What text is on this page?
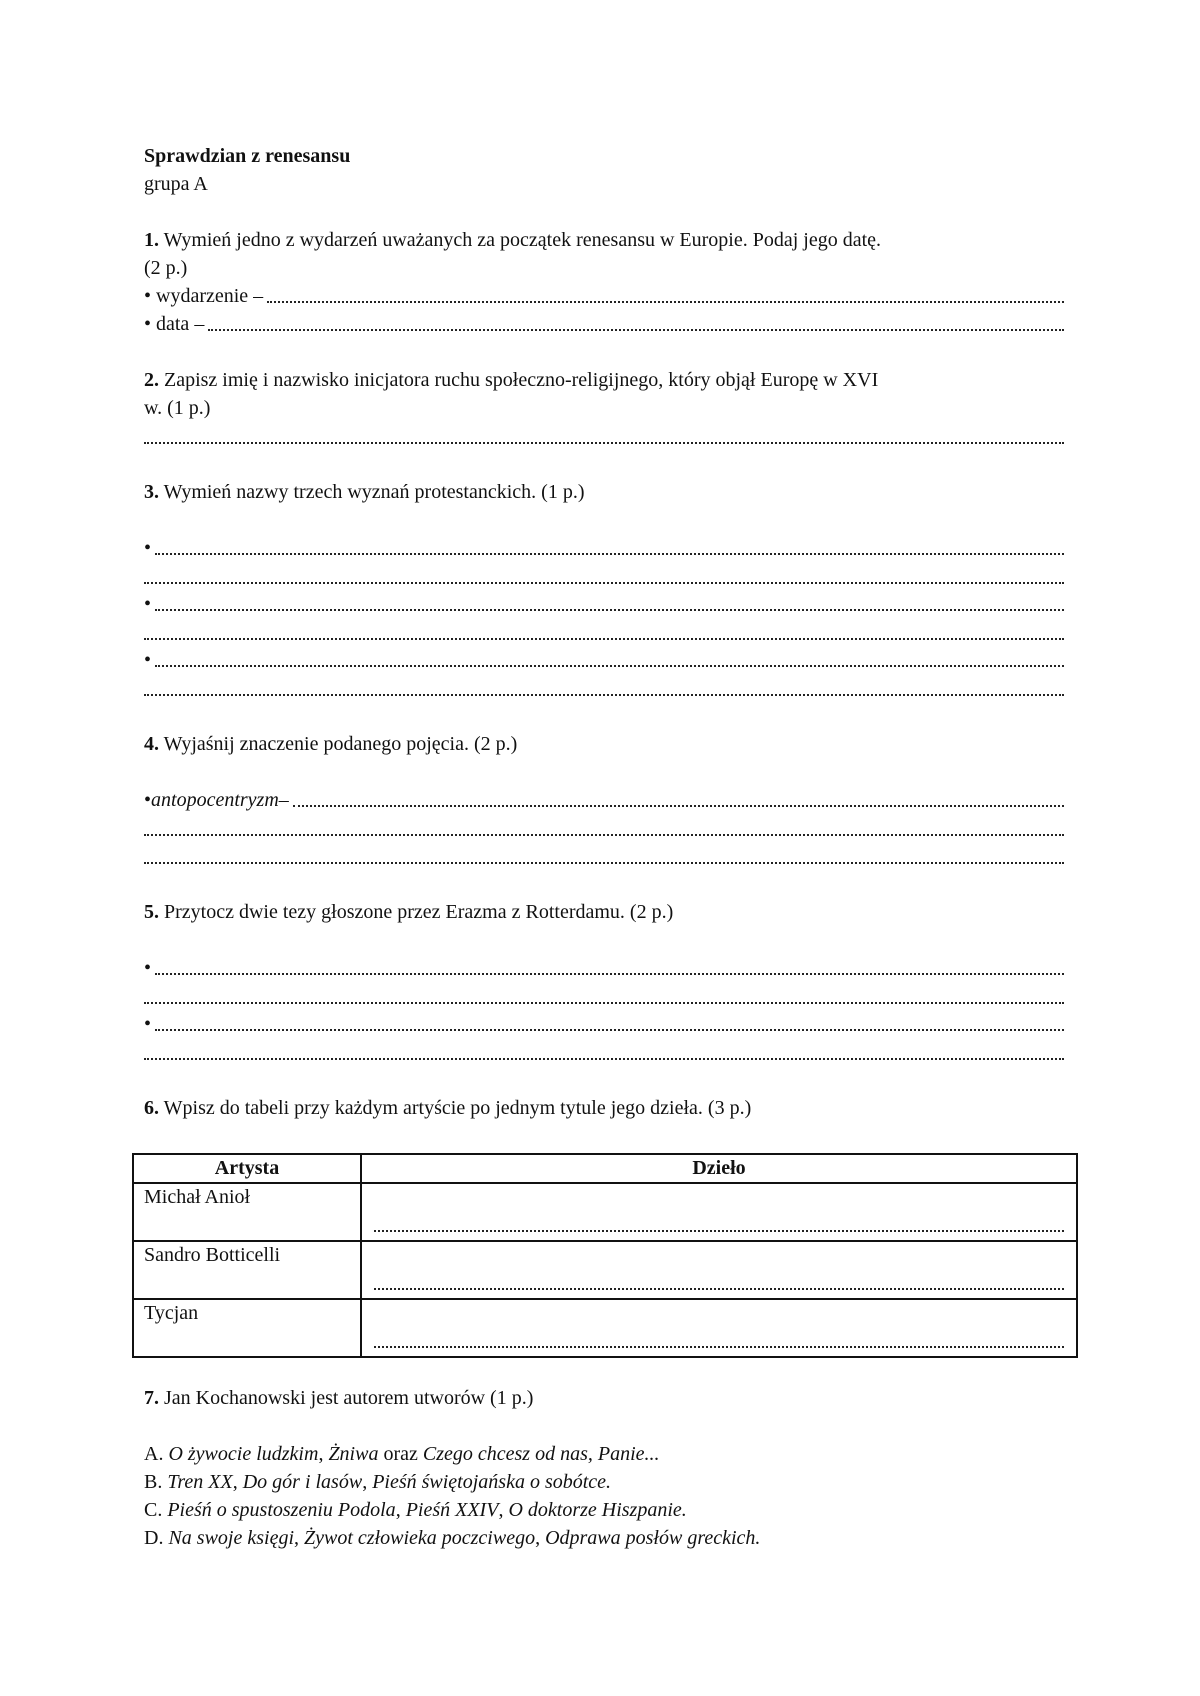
Sprawdzian z renesansu
grupa A
1. Wymień jedno z wydarzeń uważanych za początek renesansu w Europie. Podaj jego datę.
(2 p.)
• wydarzenie –
• data –
2. Zapisz imię i nazwisko inicjatora ruchu społeczno-religijnego, który objął Europę w XVI
w. (1 p.)
3. Wymień nazwy trzech wyznań protestanckich. (1 p.)
•
•
•
4. Wyjaśnij znaczenie podanego pojęcia. (2 p.)
• antopocentryzm –
5. Przytocz dwie tezy głoszone przez Erazma z Rotterdamu. (2 p.)
•
•
6. Wpisz do tabeli przy każdym artyście po jednym tytule jego dzieła. (3 p.)
Artysta	Dzieło
Michał Anioł	
Sandro Botticelli	
Tycjan	
7. Jan Kochanowski jest autorem utworów (1 p.)
A. O żywocie ludzkim, Żniwa oraz Czego chcesz od nas, Panie...
B. Tren XX, Do gór i lasów, Pieśń świętojańska o sobótce.
C. Pieśń o spustoszeniu Podola, Pieśń XXIV, O doktorze Hiszpanie.
D. Na swoje księgi, Żywot człowieka poczciwego, Odprawa posłów greckich.
